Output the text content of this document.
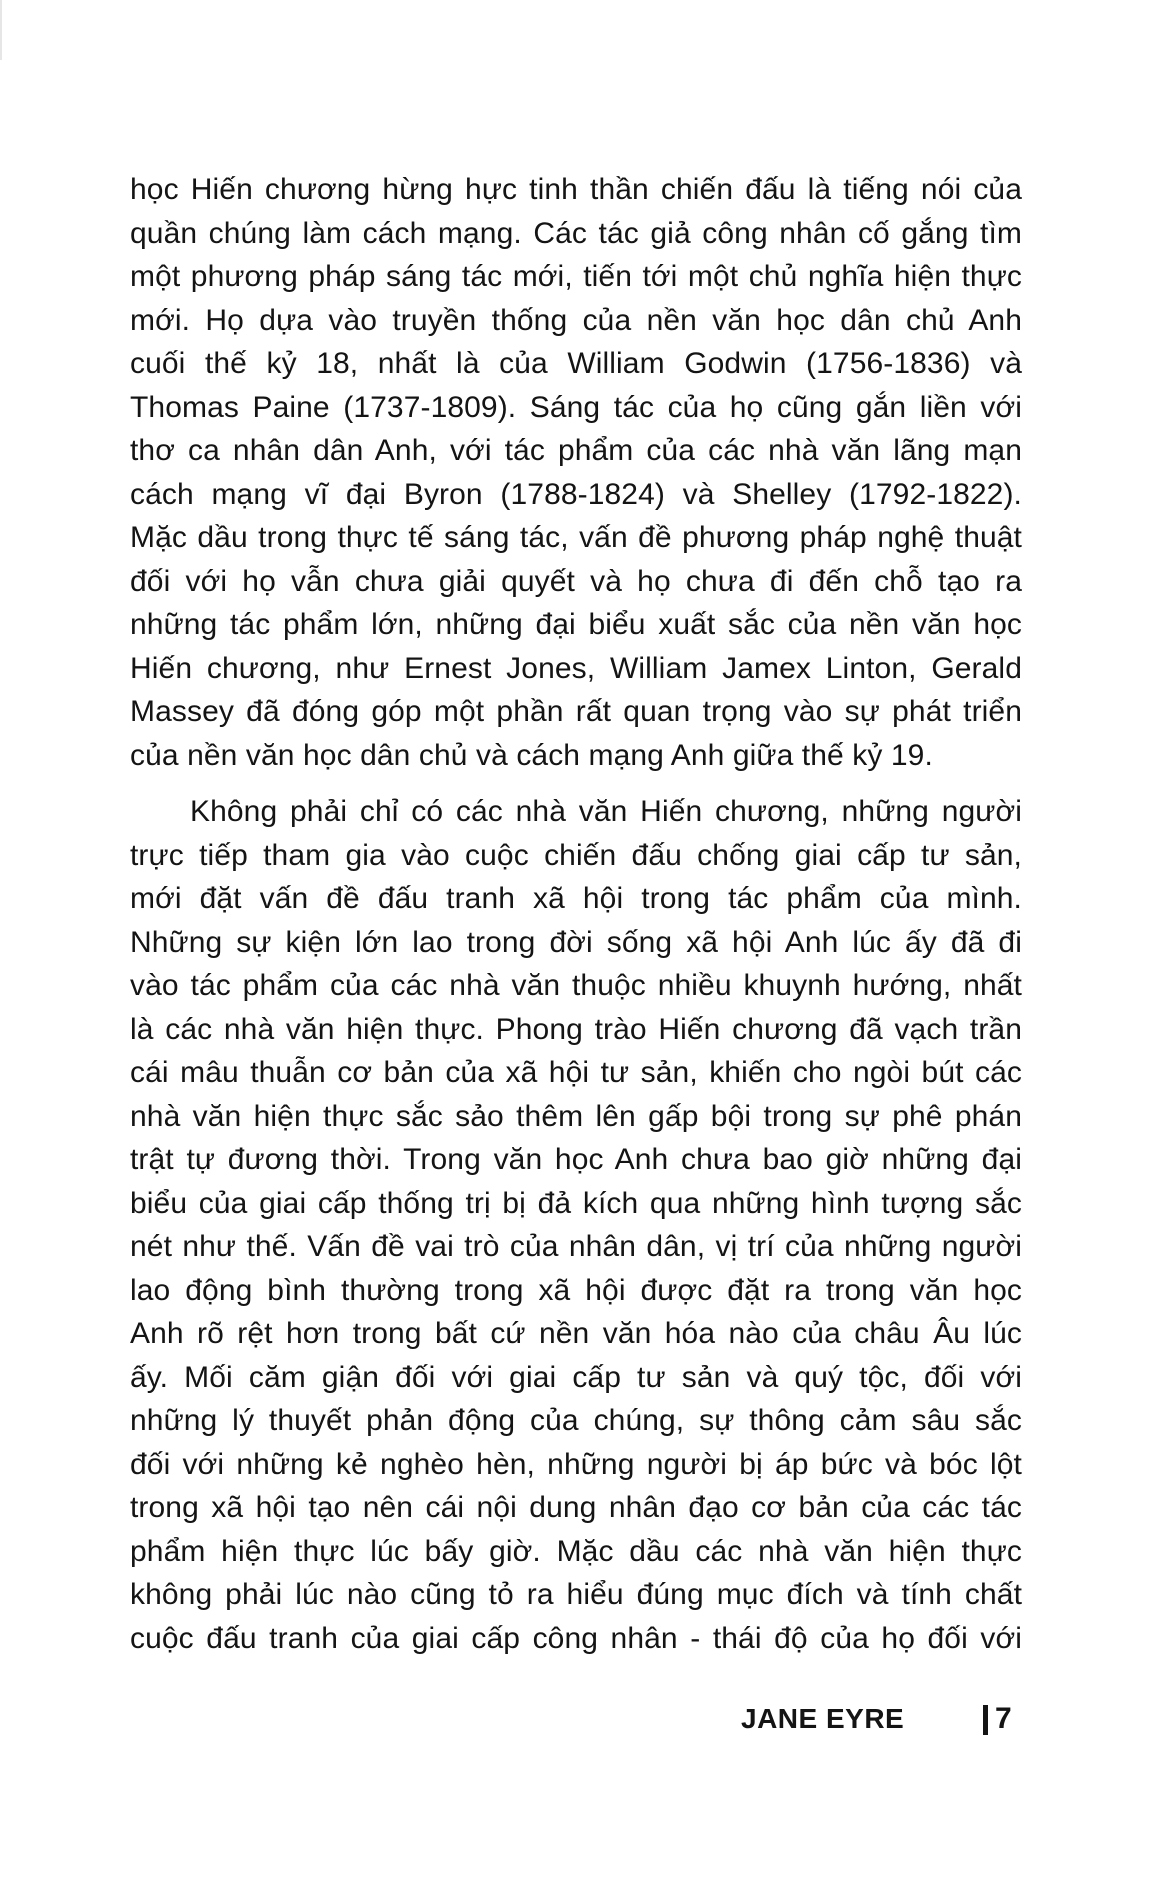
học Hiến chương hừng hực tinh thần chiến đấu là tiếng nói của
quần chúng làm cách mạng. Các tác giả công nhân cố gắng tìm
một phương pháp sáng tác mới, tiến tới một chủ nghĩa hiện thực
mới. Họ dựa vào truyền thống của nền văn học dân chủ Anh
cuối thế kỷ 18, nhất là của William Godwin (1756-1836) và
Thomas Paine (1737-1809). Sáng tác của họ cũng gắn liền với
thơ ca nhân dân Anh, với tác phẩm của các nhà văn lãng mạn
cách mạng vĩ đại Byron (1788-1824) và Shelley (1792-1822).
Mặc dầu trong thực tế sáng tác, vấn đề phương pháp nghệ thuật
đối với họ vẫn chưa giải quyết và họ chưa đi đến chỗ tạo ra
những tác phẩm lớn, những đại biểu xuất sắc của nền văn học
Hiến chương, như Ernest Jones, William Jamex Linton, Gerald
Massey đã đóng góp một phần rất quan trọng vào sự phát triển
của nền văn học dân chủ và cách mạng Anh giữa thế kỷ 19.
Không phải chỉ có các nhà văn Hiến chương, những người
trực tiếp tham gia vào cuộc chiến đấu chống giai cấp tư sản,
mới đặt vấn đề đấu tranh xã hội trong tác phẩm của mình.
Những sự kiện lớn lao trong đời sống xã hội Anh lúc ấy đã đi
vào tác phẩm của các nhà văn thuộc nhiều khuynh hướng, nhất
là các nhà văn hiện thực. Phong trào Hiến chương đã vạch trần
cái mâu thuẫn cơ bản của xã hội tư sản, khiến cho ngòi bút các
nhà văn hiện thực sắc sảo thêm lên gấp bội trong sự phê phán
trật tự đương thời. Trong văn học Anh chưa bao giờ những đại
biểu của giai cấp thống trị bị đả kích qua những hình tượng sắc
nét như thế. Vấn đề vai trò của nhân dân, vị trí của những người
lao động bình thường trong xã hội được đặt ra trong văn học
Anh rõ rệt hơn trong bất cứ nền văn hóa nào của châu Âu lúc
ấy. Mối căm giận đối với giai cấp tư sản và quý tộc, đối với
những lý thuyết phản động của chúng, sự thông cảm sâu sắc
đối với những kẻ nghèo hèn, những người bị áp bức và bóc lột
trong xã hội tạo nên cái nội dung nhân đạo cơ bản của các tác
phẩm hiện thực lúc bấy giờ. Mặc dầu các nhà văn hiện thực
không phải lúc nào cũng tỏ ra hiểu đúng mục đích và tính chất
cuộc đấu tranh của giai cấp công nhân - thái độ của họ đối với
JANE EYRE	7
